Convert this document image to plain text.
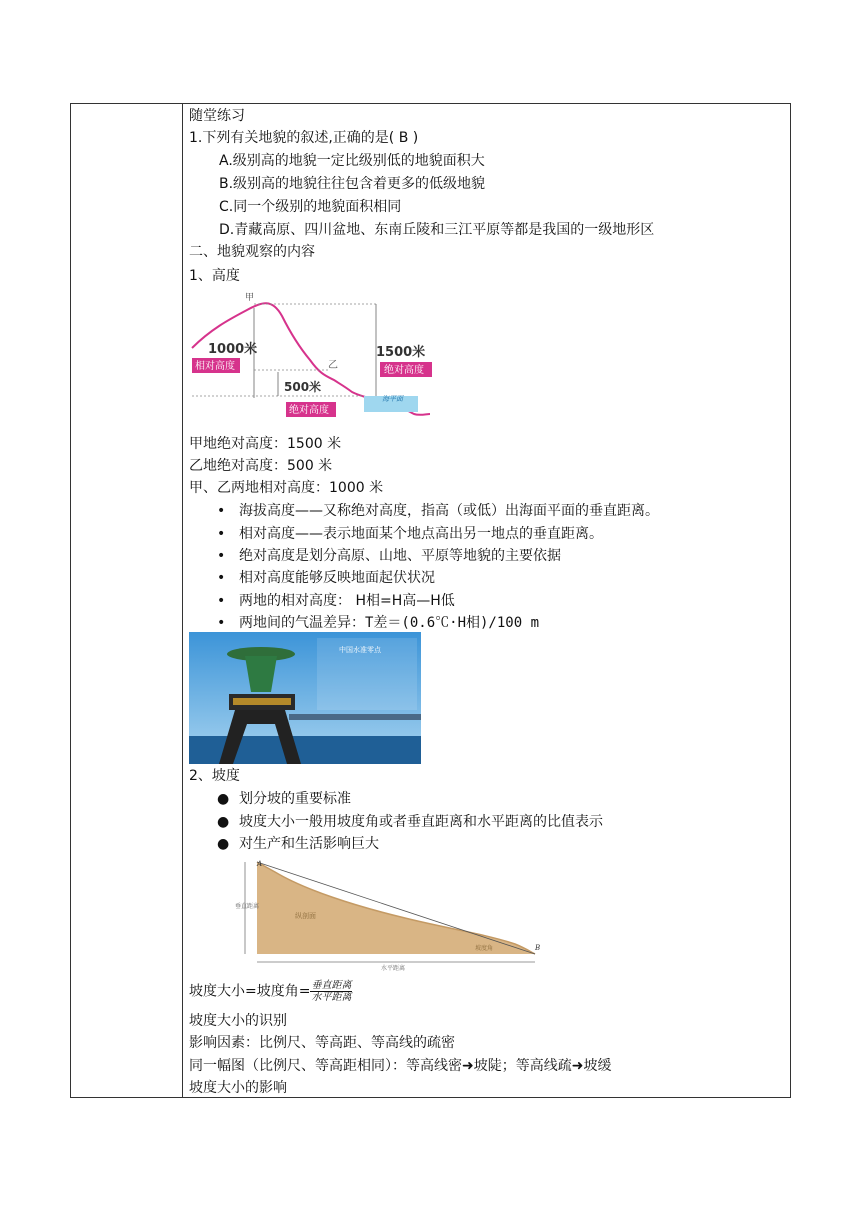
随堂练习
1.下列有关地貌的叙述,正确的是( B )
A.级别高的地貌一定比级别低的地貌面积大
B.级别高的地貌往往包含着更多的低级地貌
C.同一个级别的地貌面积相同
D.青藏高原、四川盆地、东南丘陵和三江平原等都是我国的一级地形区
二、地貌观察的内容
1、高度
海平面
甲
乙
1000米
相对高度
500米
绝对高度
1500米
绝对高度
甲地绝对高度：1500 米
乙地绝对高度：500 米
甲、乙两地相对高度：1000 米
• 海拔高度——又称绝对高度，指高（或低）出海面平面的垂直距离。
• 相对高度——表示地面某个地点高出另一地点的垂直距离。
• 绝对高度是划分高原、山地、平原等地貌的主要依据
• 相对高度能够反映地面起伏状况
• 两地的相对高度： H相=H高—H低
• 两地间的气温差异：T差＝(0.6℃·H相)/100 m
中国水准零点
2、坡度
● 划分坡的重要标准
● 坡度大小一般用坡度角或者垂直距离和水平距离的比值表示
● 对生产和生活影响巨大
A
B
垂直距离
水平距离
纵剖面
坡度角
坡度大小=坡度角= $\frac{\text{垂直距离}}{\text{水平距离}}$
坡度大小的识别
影响因素：比例尺、等高距、等高线的疏密
同一幅图（比例尺、等高距相同）：等高线密➜坡陡；等高线疏➜坡缓
坡度大小的影响
